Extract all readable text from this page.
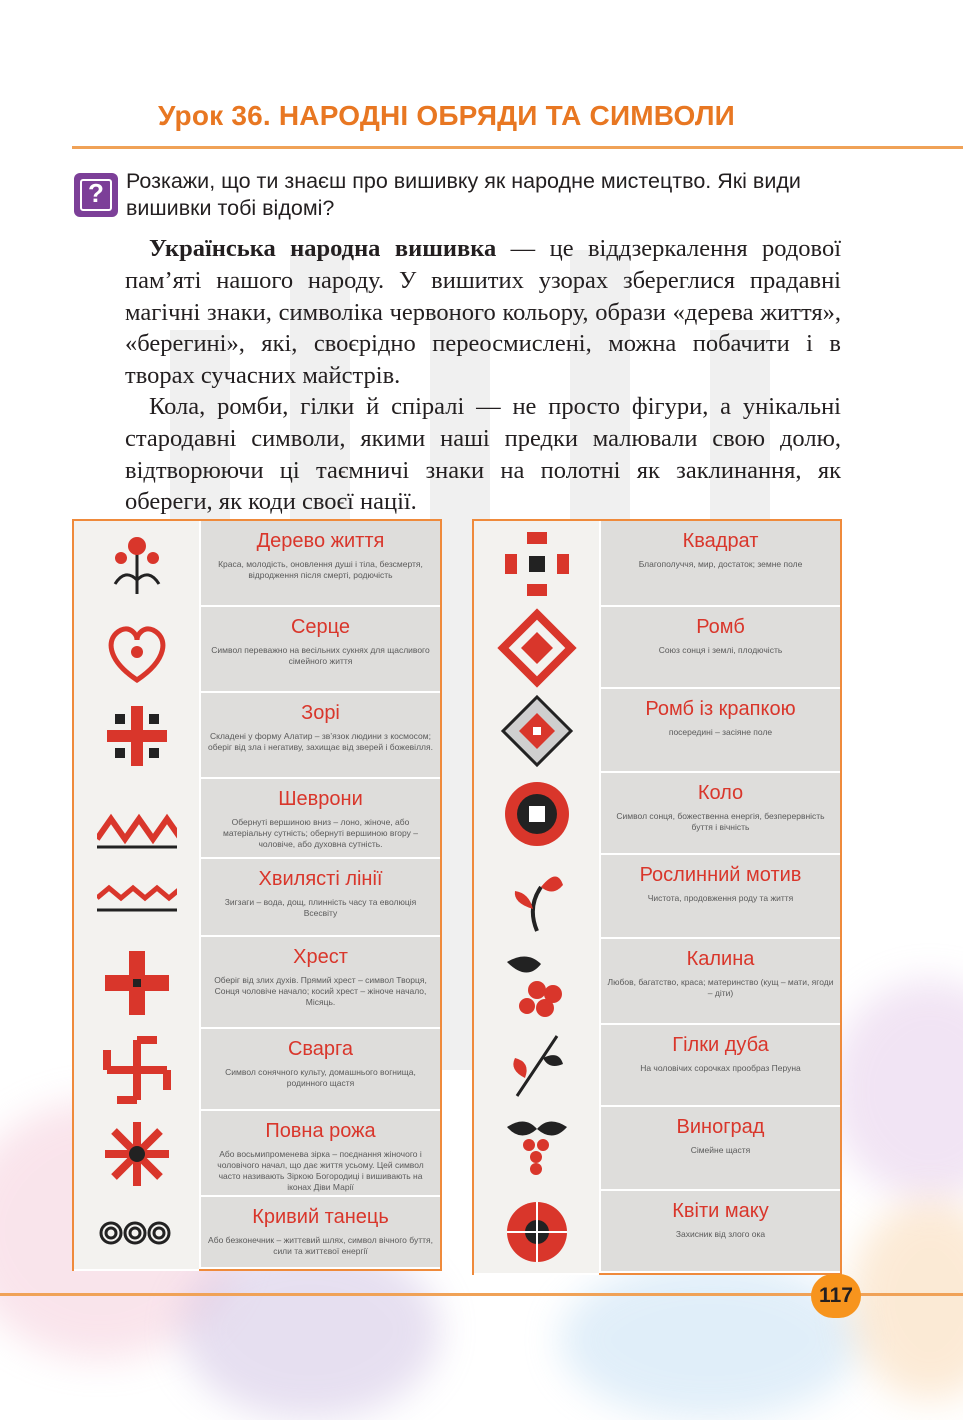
Урок 36. НАРОДНІ ОБРЯДИ ТА СИМВОЛИ
?	Розкажи, що ти знаєш про вишивку як народне мистецтво. Які види вишивки тобі відомі?

Українська народна вишивка — це віддзеркалення родової пам’яті нашого народу. У вишитих узорах збереглися прадавні магічні знаки, символіка червоного кольору, образи «дерева життя», «берегині», які, своєрідно переосмислені, можна побачити і в творах сучасних майстрів.

Кола, ромби, гілки й спіралі — не просто фігури, а унікальні стародавні символи, якими наші предки малювали свою долю, відтворюючи ці таємничі знаки на полотні як заклинання, як обереги, як коди своєї нації.

Дерево життя

Краса, молодість, оновлення душі і тіла, безсмертя, відродження після смерті, родючість

Серце

Символ переважно на весільних сукнях для щасливого сімейного життя

Зорі

Складені у форму Алатир – зв’язок людини з космосом; оберіг від зла і негативу, захищає від зверей і божевілля.

Шеврони

Обернуті вершиною вниз – лоно, жіноче, або матеріальну сутність; обернуті вершиною вгору – чоловіче, або духовна сутність.

Хвилясті лінії

Зигзаги – вода, дощ, плинність часу та еволюція Всесвіту

Хрест

Оберіг від злих духів. Прямий хрест – символ Творця, Сонця чоловіче начало; косий хрест – жіноче начало, Місяць.

Сварга

Символ сонячного культу, домашнього вогнища, родинного щастя

Повна рожа

Або восьмипроменева зірка – поєднання жіночого і чоловічого начал, що дає життя усьому. Цей символ часто називають Зіркою Богородиці і вишивають на іконах Діви Марії

Кривий танець

Або безконечник – життєвий шлях, символ вічного буття, сили та життєвої енергії

Квадрат

Благополуччя, мир, достаток; земне поле

Ромб

Союз сонця і землі, плодючість

Ромб із крапкою

посередині – засіяне поле

Коло

Символ сонця, божественна енергія, безперервність буття і вічність

Рослинний мотив

Чистота, продовження роду та життя

Калина

Любов, багатство, краса; материнство (кущ – мати, ягоди – діти)

Гілки дуба

На чоловічих сорочках прообраз Перуна

Виноград

Сімейне щастя

Квіти маку

Захисник від злого ока

117
